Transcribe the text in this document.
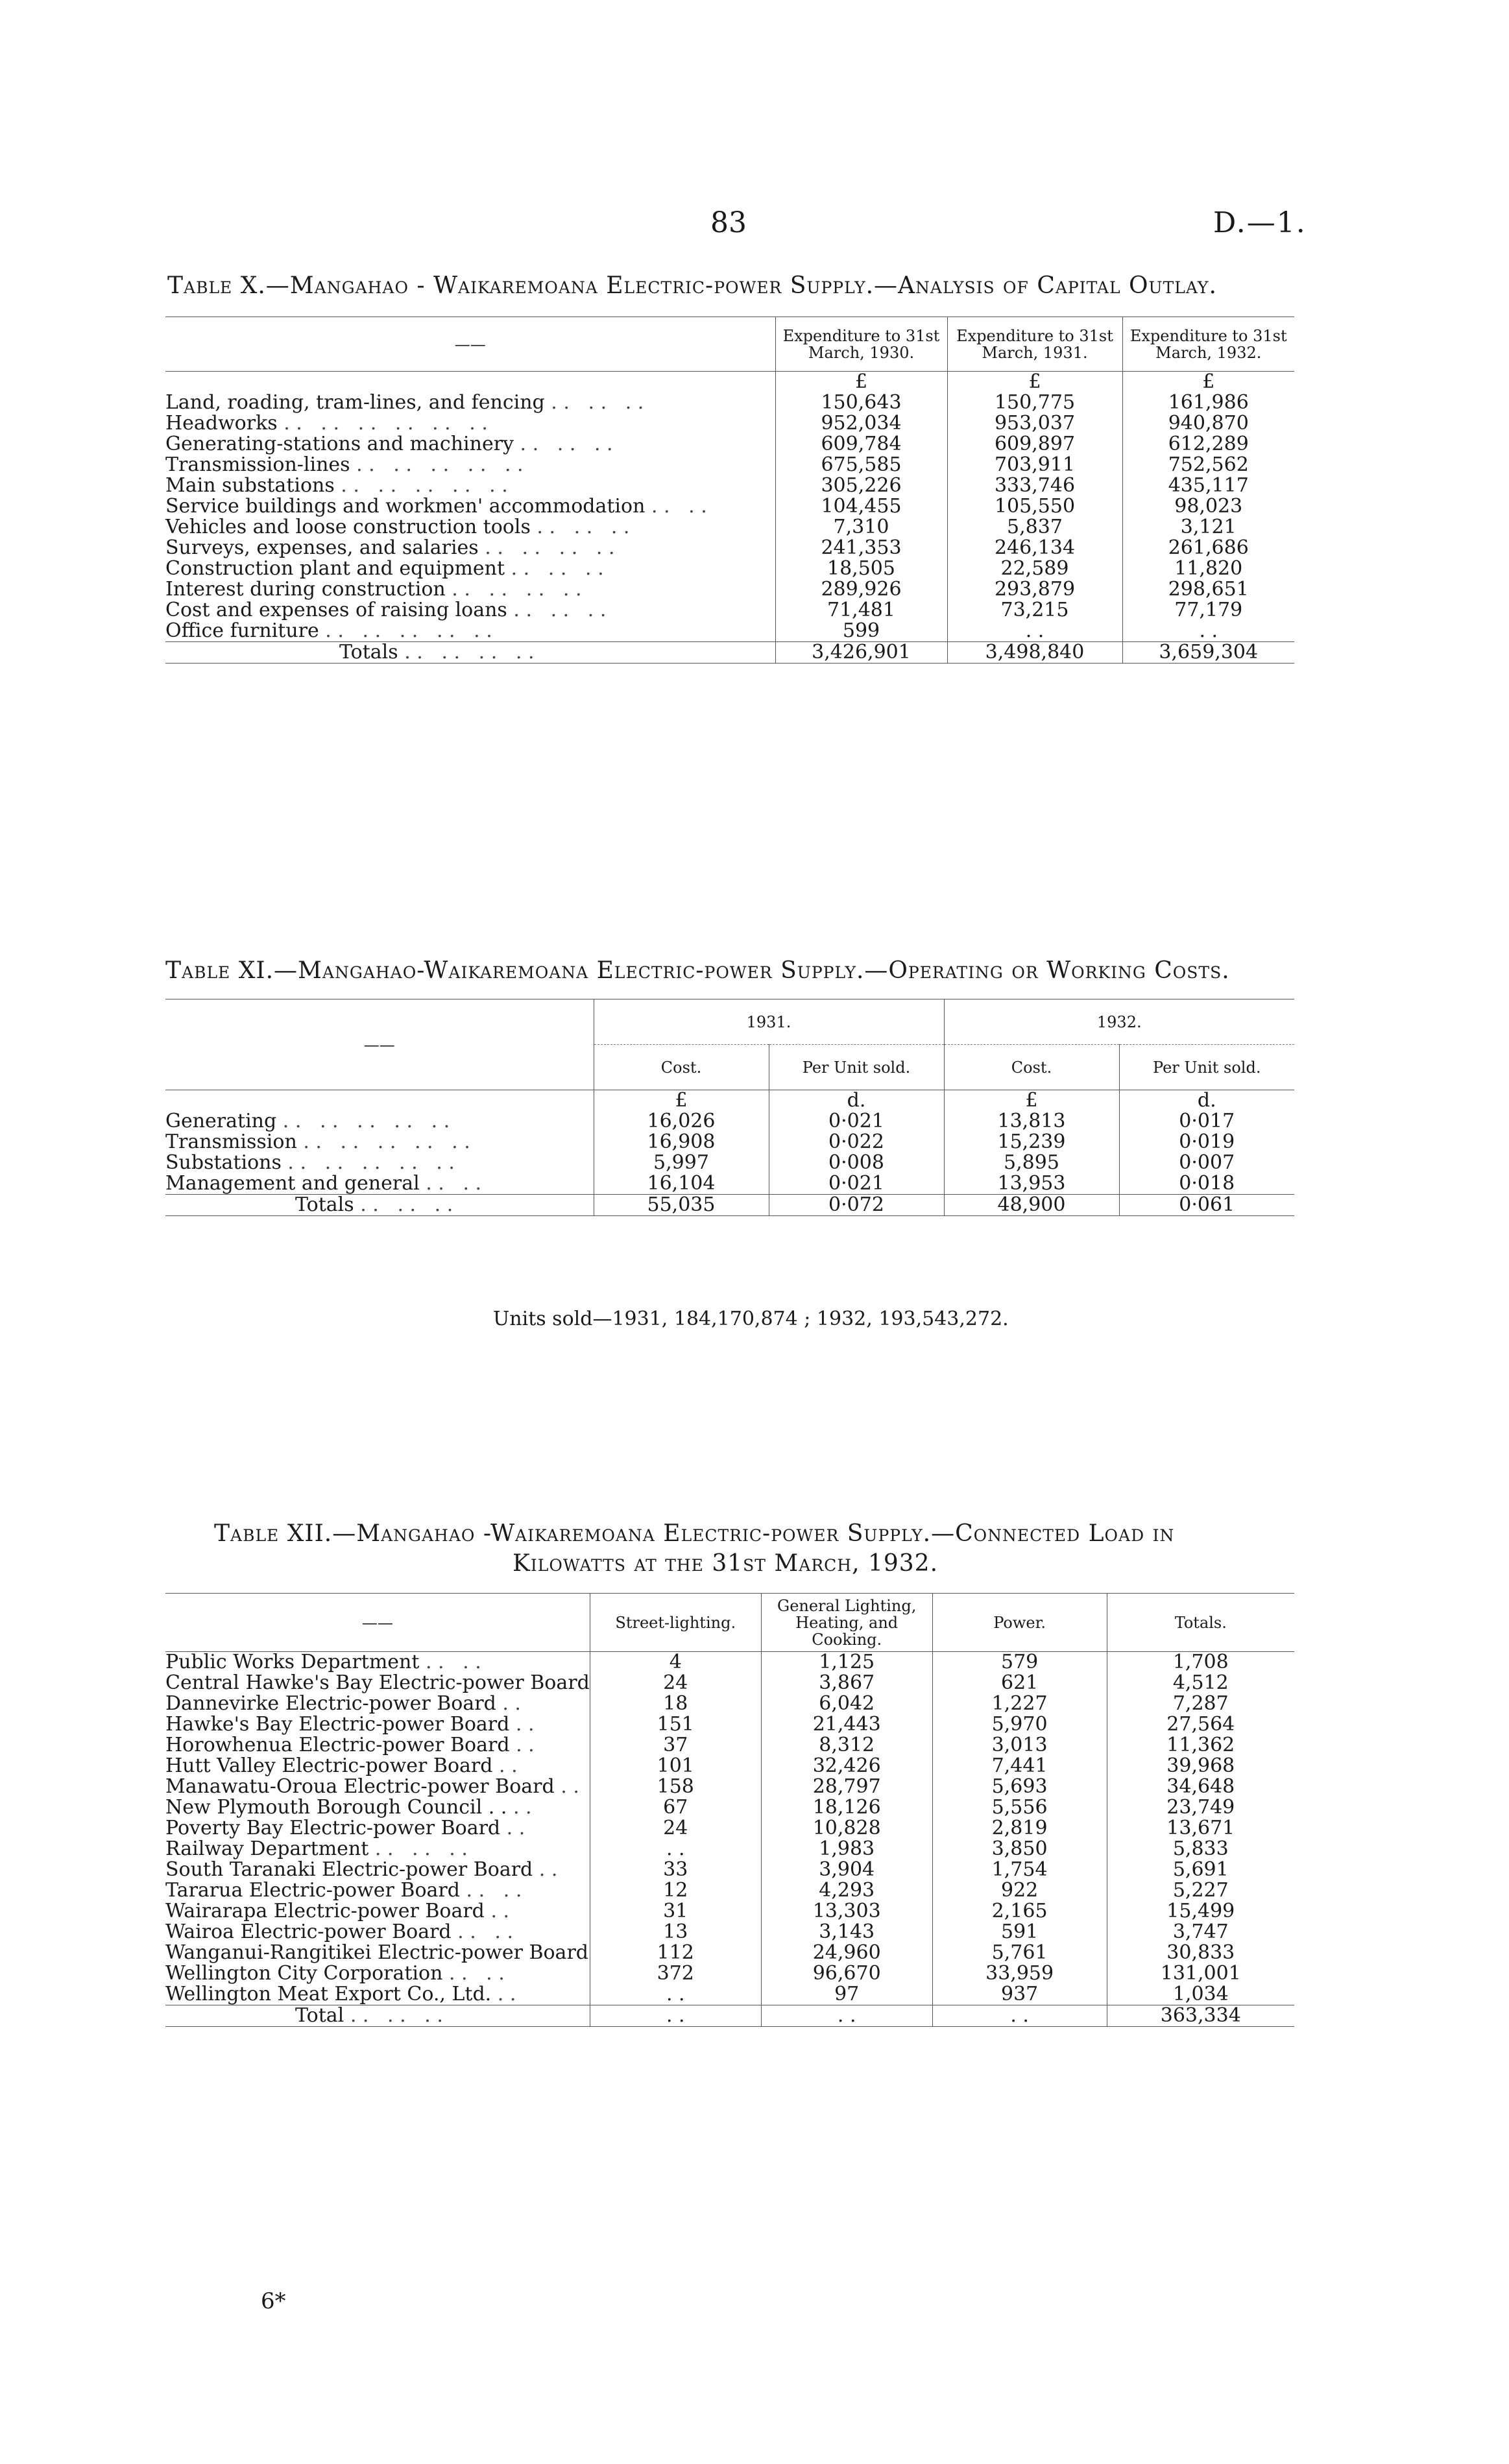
83	D.—1.
Table X.—Mangahao - Waikaremoana Electric-power Supply.—Analysis of Capital Outlay.
——	Expenditure to 31st March, 1930.	Expenditure to 31st March, 1931.	Expenditure to 31st March, 1932.
	£	£	£
Land, roading, tram-lines, and fencing . .   . .   . .	150,643	150,775	161,986
Headworks . .   . .   . .   . .   . .   . .	952,034	953,037	940,870
Generating-stations and machinery . .   . .   . .	609,784	609,897	612,289
Transmission-lines . .   . .   . .   . .   . .	675,585	703,911	752,562
Main substations . .   . .   . .   . .   . .	305,226	333,746	435,117
Service buildings and workmen' accommodation . .   . .	104,455	105,550	98,023
Vehicles and loose construction tools . .   . .   . .	7,310	5,837	3,121
Surveys, expenses, and salaries . .   . .   . .   . .	241,353	246,134	261,686
Construction plant and equipment . .   . .   . .	18,505	22,589	11,820
Interest during construction . .   . .   . .   . .	289,926	293,879	298,651
Cost and expenses of raising loans . .   . .   . .	71,481	73,215	77,179
Office furniture . .   . .   . .   . .   . .	599	. .	. .
Totals . .   . .   . .   . .	3,426,901	3,498,840	3,659,304
Table XI.—Mangahao-Waikaremoana Electric-power Supply.—Operating or Working Costs.
——	1931.		1932.	
	Cost.	Per Unit sold.	Cost.	Per Unit sold.
	£	d.	£	d.
Generating . .   . .   . .   . .   . .	16,026	0·021	13,813	0·017
Transmission . .   . .   . .   . .   . .	16,908	0·022	15,239	0·019
Substations . .   . .   . .   . .   . .	5,997	0·008	5,895	0·007
Management and general . .   . .	16,104	0·021	13,953	0·018
Totals . .   . .   . .	55,035	0·072	48,900	0·061
Units sold—1931, 184,170,874 ; 1932, 193,543,272.
Table XII.—Mangahao -Waikaremoana Electric-power Supply.—Connected Load in
Kilowatts at the 31st March, 1932.
——	Street-lighting.	General Lighting, Heating, and Cooking.	Power.	Totals.
Public Works Department . .   . .	4	1,125	579	1,708
Central Hawke's Bay Electric-power Board	24	3,867	621	4,512
Dannevirke Electric-power Board . .	18	6,042	1,227	7,287
Hawke's Bay Electric-power Board . .	151	21,443	5,970	27,564
Horowhenua Electric-power Board . .	37	8,312	3,013	11,362
Hutt Valley Electric-power Board . .	101	32,426	7,441	39,968
Manawatu-Oroua Electric-power Board . .	158	28,797	5,693	34,648
New Plymouth Borough Council . . . .	67	18,126	5,556	23,749
Poverty Bay Electric-power Board . .	24	10,828	2,819	13,671
Railway Department . .   . .   . .	. .	1,983	3,850	5,833
South Taranaki Electric-power Board . .	33	3,904	1,754	5,691
Tararua Electric-power Board . .   . .	12	4,293	922	5,227
Wairarapa Electric-power Board . .	31	13,303	2,165	15,499
Wairoa Electric-power Board . .   . .	13	3,143	591	3,747
Wanganui-Rangitikei Electric-power Board	112	24,960	5,761	30,833
Wellington City Corporation . .   . .	372	96,670	33,959	131,001
Wellington Meat Export Co., Ltd. . .	. .	97	937	1,034
Total . .   . .   . .	. .	. .	. .	363,334
6*
